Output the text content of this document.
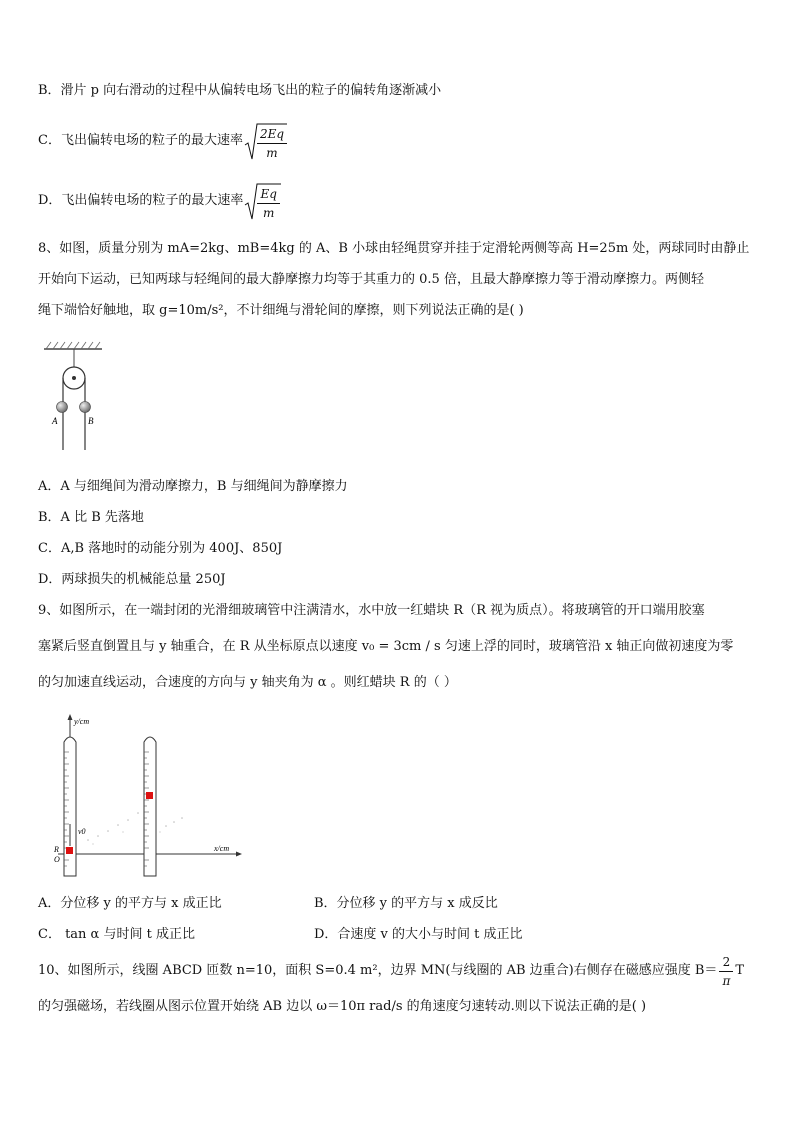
B．滑片 p 向右滑动的过程中从偏转电场飞出的粒子的偏转角逐渐减小
C．飞出偏转电场的粒子的最大速率 $\frac{2Eq}{m}$
D．飞出偏转电场的粒子的最大速率 $\frac{Eq}{m}$
8、如图，质量分别为 mA=2kg、mB=4kg 的 A、B 小球由轻绳贯穿并挂于定滑轮两侧等高 H=25m 处，两球同时由静止
开始向下运动，已知两球与轻绳间的最大静摩擦力均等于其重力的 0.5 倍，且最大静摩擦力等于滑动摩擦力。两侧轻
绳下端恰好触地，取 g=10m/s²，不计细绳与滑轮间的摩擦，则下列说法正确的是( )
A	B
A．A 与细绳间为滑动摩擦力，B 与细绳间为静摩擦力
B．A 比 B 先落地
C．A,B 落地时的动能分别为 400J、850J
D．两球损失的机械能总量 250J
9、如图所示，在一端封闭的光滑细玻璃管中注满清水，水中放一红蜡块 R（R 视为质点）。将玻璃管的开口端用胶塞
塞紧后竖直倒置且与 y 轴重合，在 R 从坐标原点以速度 v₀ = 3cm / s 匀速上浮的同时，玻璃管沿 x 轴正向做初速度为零
的匀加速直线运动，合速度的方向与 y 轴夹角为 α 。则红蜡块 R 的（ ）
y/cm
x/cm
v0
R
O
A．分位移 y 的平方与 x 成正比	B．分位移 y 的平方与 x 成反比
C． tan α 与时间 t 成正比	D．合速度 v 的大小与时间 t 成正比
10、如图所示，线圈 ABCD 匝数 n=10，面积 S=0.4 m²，边界 MN(与线圈的 AB 边重合)右侧存在磁感应强度 $B= \frac{2}{\pi}$ T
的匀强磁场，若线圈从图示位置开始绕 AB 边以 ω＝10π rad/s 的角速度匀速转动.则以下说法正确的是( )
